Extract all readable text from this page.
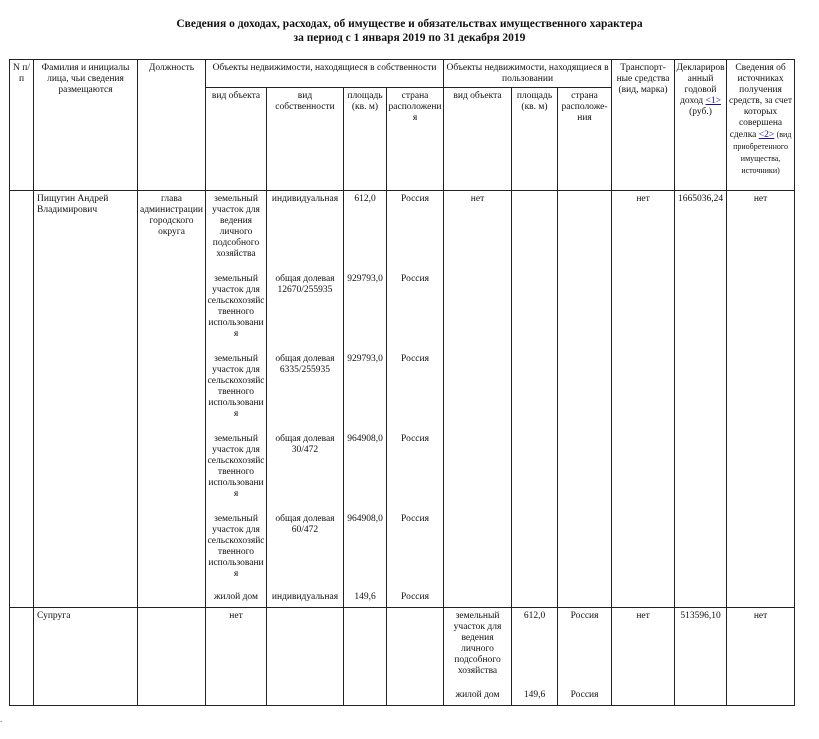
Сведения о доходах, расходах, об имуществе и обязательствах имущественного характера
за период с 1 января 2019 по 31 декабря 2019
N п/п	Фамилия и инициалы лица, чьи сведения размещаются	Должность	Объекты недвижимости, находящиеся в собственности				Объекты недвижимости, находящиеся в пользовании			Транспорт-ные средства (вид, марка)	Декларированный годовой доход <1> (руб.)	Сведения об источниках получения средств, за счет которых совершена сделка <2> (вид приобретенного имущества, источники)
			вид объекта	вид собственности	площадь (кв. м)	страна расположения	вид объекта	площадь (кв. м)	страна расположе-ния			
	Пищугин Андрей Владимирович	глава администрации городского округа	земельный участок для ведения личного подсобного хозяйства	индивидуальная	612,0	Россия	нет			нет	1665036,24	нет
			земельный участок для сельскохозяйственного использования	общая долевая 12670/255935	929793,0	Россия						
			земельный участок для сельскохозяйственного использования	общая долевая 6335/255935	929793,0	Россия						
			земельный участок для сельскохозяйственного использования	общая долевая 30/472	964908,0	Россия						
			земельный участок для сельскохозяйственного использования	общая долевая 60/472	964908,0	Россия						
			жилой дом	индивидуальная	149,6	Россия						
	Супруга		нет				земельный участок для ведения личного подсобного хозяйства	612,0	Россия	нет	513596,10	нет
							жилой дом	149,6	Россия			
.
